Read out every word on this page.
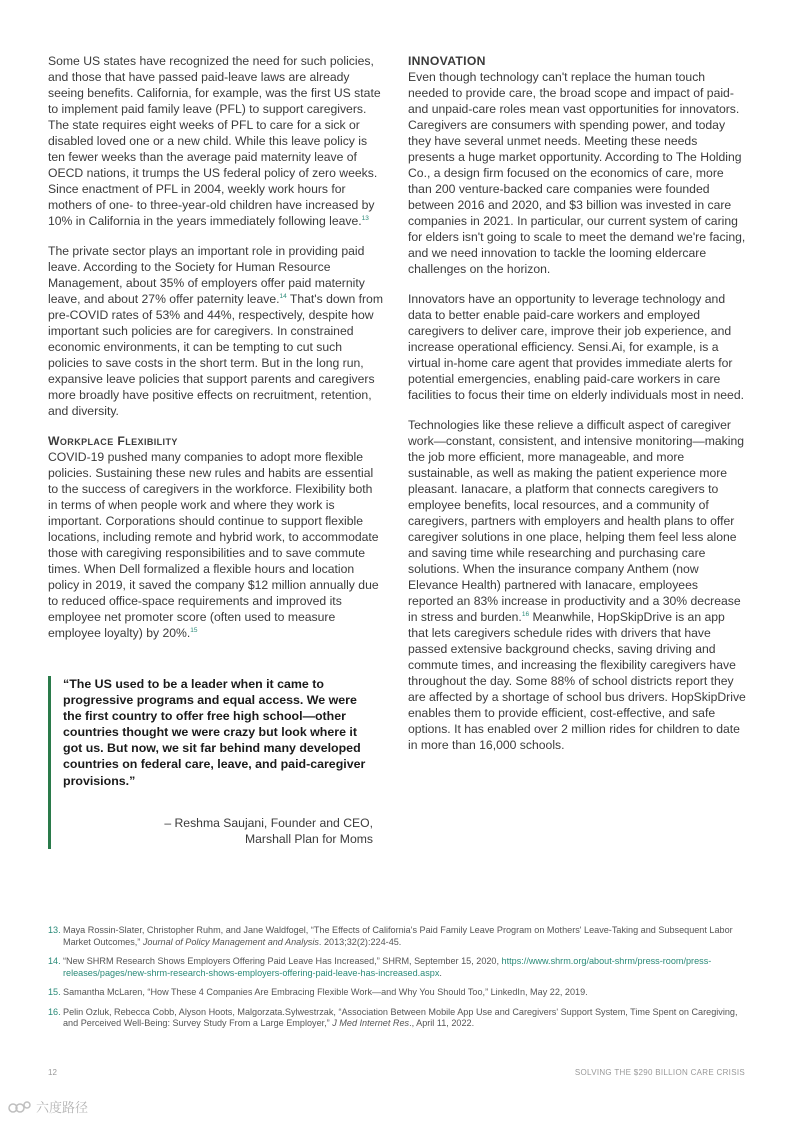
Some US states have recognized the need for such policies, and those that have passed paid-leave laws are already seeing benefits. California, for example, was the first US state to implement paid family leave (PFL) to support caregivers. The state requires eight weeks of PFL to care for a sick or disabled loved one or a new child. While this leave policy is ten fewer weeks than the average paid maternity leave of OECD nations, it trumps the US federal policy of zero weeks. Since enactment of PFL in 2004, weekly work hours for mothers of one- to three-year-old children have increased by 10% in California in the years immediately following leave.$^{13}$

The private sector plays an important role in providing paid leave. According to the Society for Human Resource Management, about 35% of employers offer paid maternity leave, and about 27% offer paternity leave.$^{14}$ That's down from pre-COVID rates of 53% and 44%, respectively, despite how important such policies are for caregivers. In constrained economic environments, it can be tempting to cut such policies to save costs in the short term. But in the long run, expansive leave policies that support parents and caregivers more broadly have positive effects on recruitment, retention, and diversity.

Workplace Flexibility

COVID-19 pushed many companies to adopt more flexible policies. Sustaining these new rules and habits are essential to the success of caregivers in the workforce. Flexibility both in terms of when people work and where they work is important. Corporations should continue to support flexible locations, including remote and hybrid work, to accommodate those with caregiving responsibilities and to save commute times. When Dell formalized a flexible hours and location policy in 2019, it saved the company $12 million annually due to reduced office-space requirements and improved its employee net promoter score (often used to measure employee loyalty) by 20%.$^{15}$

“The US used to be a leader when it came to progressive programs and equal access. We were the first country to offer free high school—other countries thought we were crazy but look where it got us. But now, we sit far behind many developed countries on federal care, leave, and paid-caregiver provisions.”

– Reshma Saujani, Founder and CEO,
Marshall Plan for Moms
INNOVATION

Even though technology can't replace the human touch needed to provide care, the broad scope and impact of paid- and unpaid-care roles mean vast opportunities for innovators. Caregivers are consumers with spending power, and today they have several unmet needs. Meeting these needs presents a huge market opportunity. According to The Holding Co., a design firm focused on the economics of care, more than 200 venture-backed care companies were founded between 2016 and 2020, and $3 billion was invested in care companies in 2021. In particular, our current system of caring for elders isn't going to scale to meet the demand we're facing, and we need innovation to tackle the looming eldercare challenges on the horizon.

Innovators have an opportunity to leverage technology and data to better enable paid-care workers and employed caregivers to deliver care, improve their job experience, and increase operational efficiency. Sensi.Ai, for example, is a virtual in-home care agent that provides immediate alerts for potential emergencies, enabling paid-care workers in care facilities to focus their time on elderly individuals most in need.

Technologies like these relieve a difficult aspect of caregiver work—constant, consistent, and intensive monitoring—making the job more efficient, more manageable, and more sustainable, as well as making the patient experience more pleasant. Ianacare, a platform that connects caregivers to employee benefits, local resources, and a community of caregivers, partners with employers and health plans to offer caregiver solutions in one place, helping them feel less alone and saving time while researching and purchasing care solutions. When the insurance company Anthem (now Elevance Health) partnered with Ianacare, employees reported an 83% increase in productivity and a 30% decrease in stress and burden.$^{16}$ Meanwhile, HopSkipDrive is an app that lets caregivers schedule rides with drivers that have passed extensive background checks, saving driving and commute times, and increasing the flexibility caregivers have throughout the day. Some 88% of school districts report they are affected by a shortage of school bus drivers. HopSkipDrive enables them to provide efficient, cost-effective, and safe options. It has enabled over 2 million rides for children to date in more than 16,000 schools.

13. Maya Rossin-Slater, Christopher Ruhm, and Jane Waldfogel, “The Effects of California's Paid Family Leave Program on Mothers' Leave-Taking and Subsequent Labor Market Outcomes,” Journal of Policy Management and Analysis. 2013;32(2):224-45.
14. “New SHRM Research Shows Employers Offering Paid Leave Has Increased,” SHRM, September 15, 2020, https://www.shrm.org/about-shrm/press-room/press-releases/pages/new-shrm-research-shows-employers-offering-paid-leave-has-increased.aspx.
15. Samantha McLaren, “How These 4 Companies Are Embracing Flexible Work—and Why You Should Too,” LinkedIn, May 22, 2019.
16. Pelin Ozluk, Rebecca Cobb, Alyson Hoots, Malgorzata.Sylwestrzak, “Association Between Mobile App Use and Caregivers' Support System, Time Spent on Caregiving, and Perceived Well-Being: Survey Study From a Large Employer,” J Med Internet Res., April 11, 2022.
12	SOLVING THE $290 BILLION CARE CRISIS
六度路径
